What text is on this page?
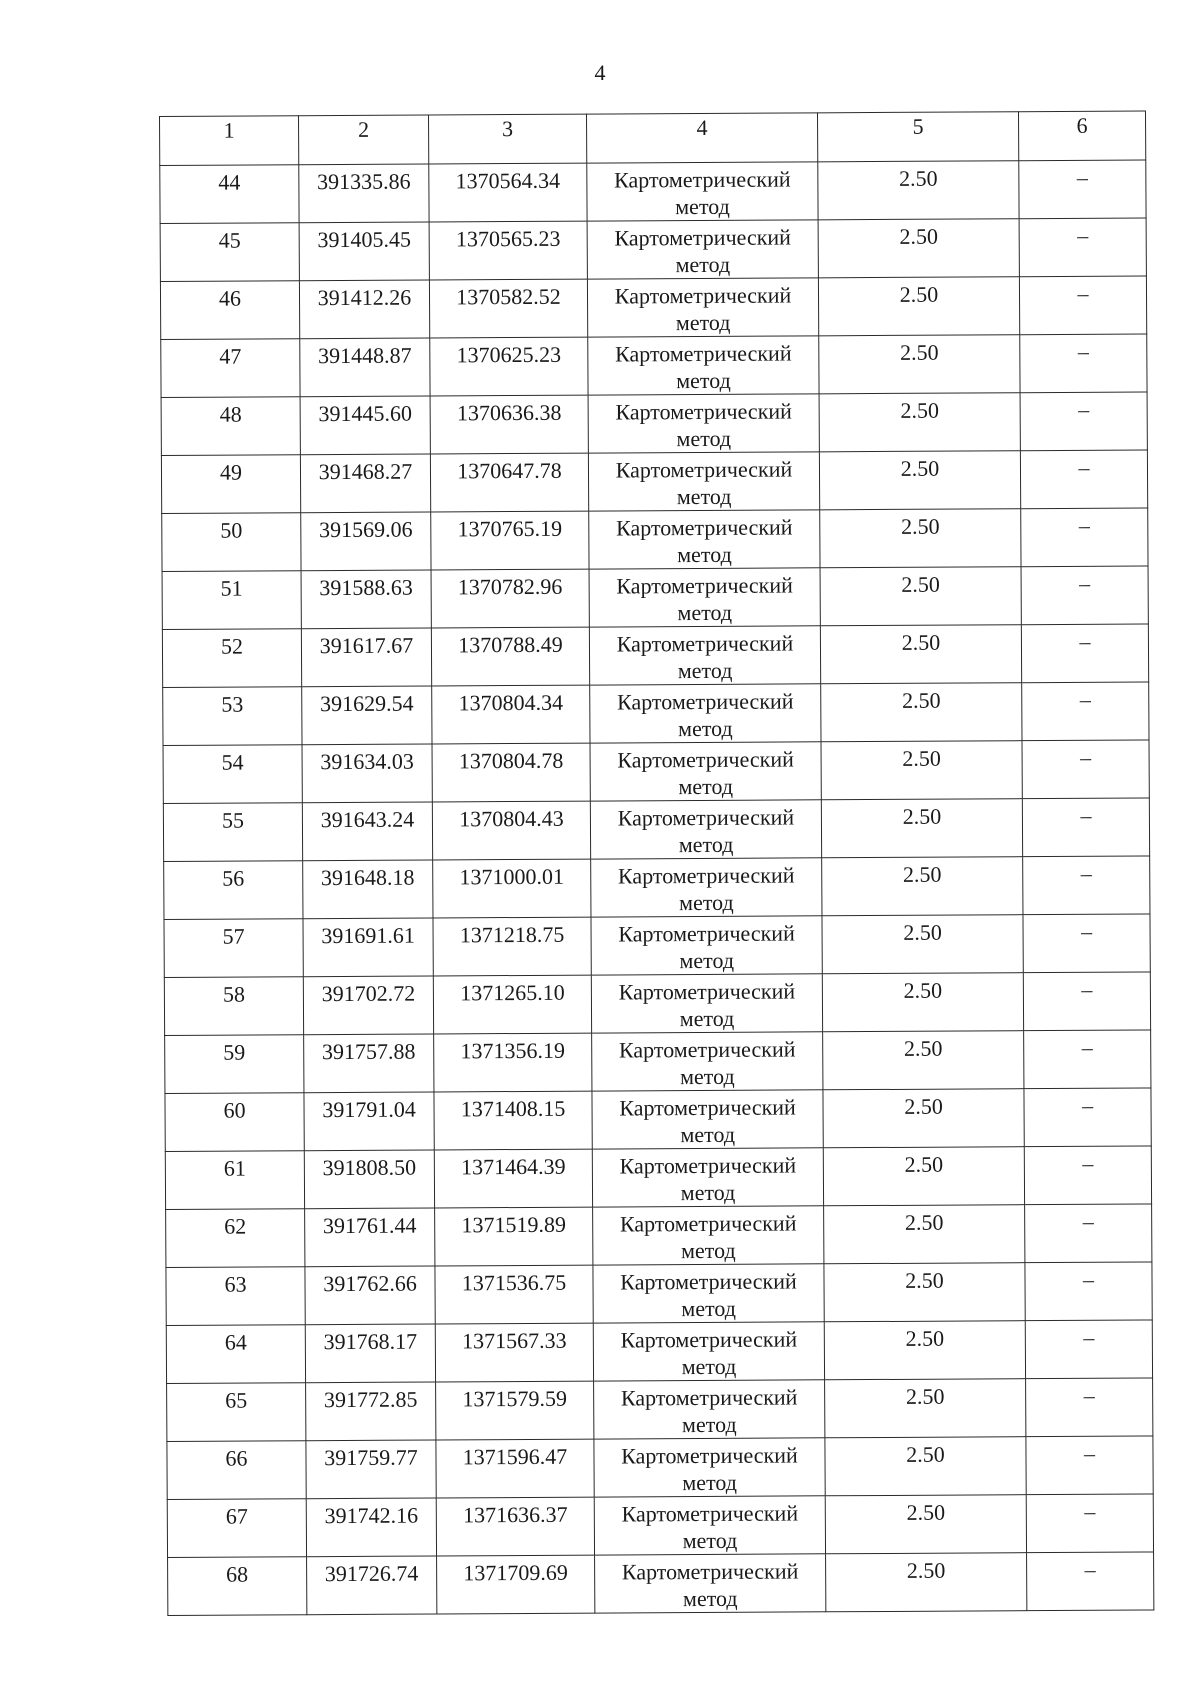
4
1	2	3	4	5	6
44	391335.86	1370564.34	Картометрический метод	2.50	–
45	391405.45	1370565.23	Картометрический метод	2.50	–
46	391412.26	1370582.52	Картометрический метод	2.50	–
47	391448.87	1370625.23	Картометрический метод	2.50	–
48	391445.60	1370636.38	Картометрический метод	2.50	–
49	391468.27	1370647.78	Картометрический метод	2.50	–
50	391569.06	1370765.19	Картометрический метод	2.50	–
51	391588.63	1370782.96	Картометрический метод	2.50	–
52	391617.67	1370788.49	Картометрический метод	2.50	–
53	391629.54	1370804.34	Картометрический метод	2.50	–
54	391634.03	1370804.78	Картометрический метод	2.50	–
55	391643.24	1370804.43	Картометрический метод	2.50	–
56	391648.18	1371000.01	Картометрический метод	2.50	–
57	391691.61	1371218.75	Картометрический метод	2.50	–
58	391702.72	1371265.10	Картометрический метод	2.50	–
59	391757.88	1371356.19	Картометрический метод	2.50	–
60	391791.04	1371408.15	Картометрический метод	2.50	–
61	391808.50	1371464.39	Картометрический метод	2.50	–
62	391761.44	1371519.89	Картометрический метод	2.50	–
63	391762.66	1371536.75	Картометрический метод	2.50	–
64	391768.17	1371567.33	Картометрический метод	2.50	–
65	391772.85	1371579.59	Картометрический метод	2.50	–
66	391759.77	1371596.47	Картометрический метод	2.50	–
67	391742.16	1371636.37	Картометрический метод	2.50	–
68	391726.74	1371709.69	Картометрический метод	2.50	–
